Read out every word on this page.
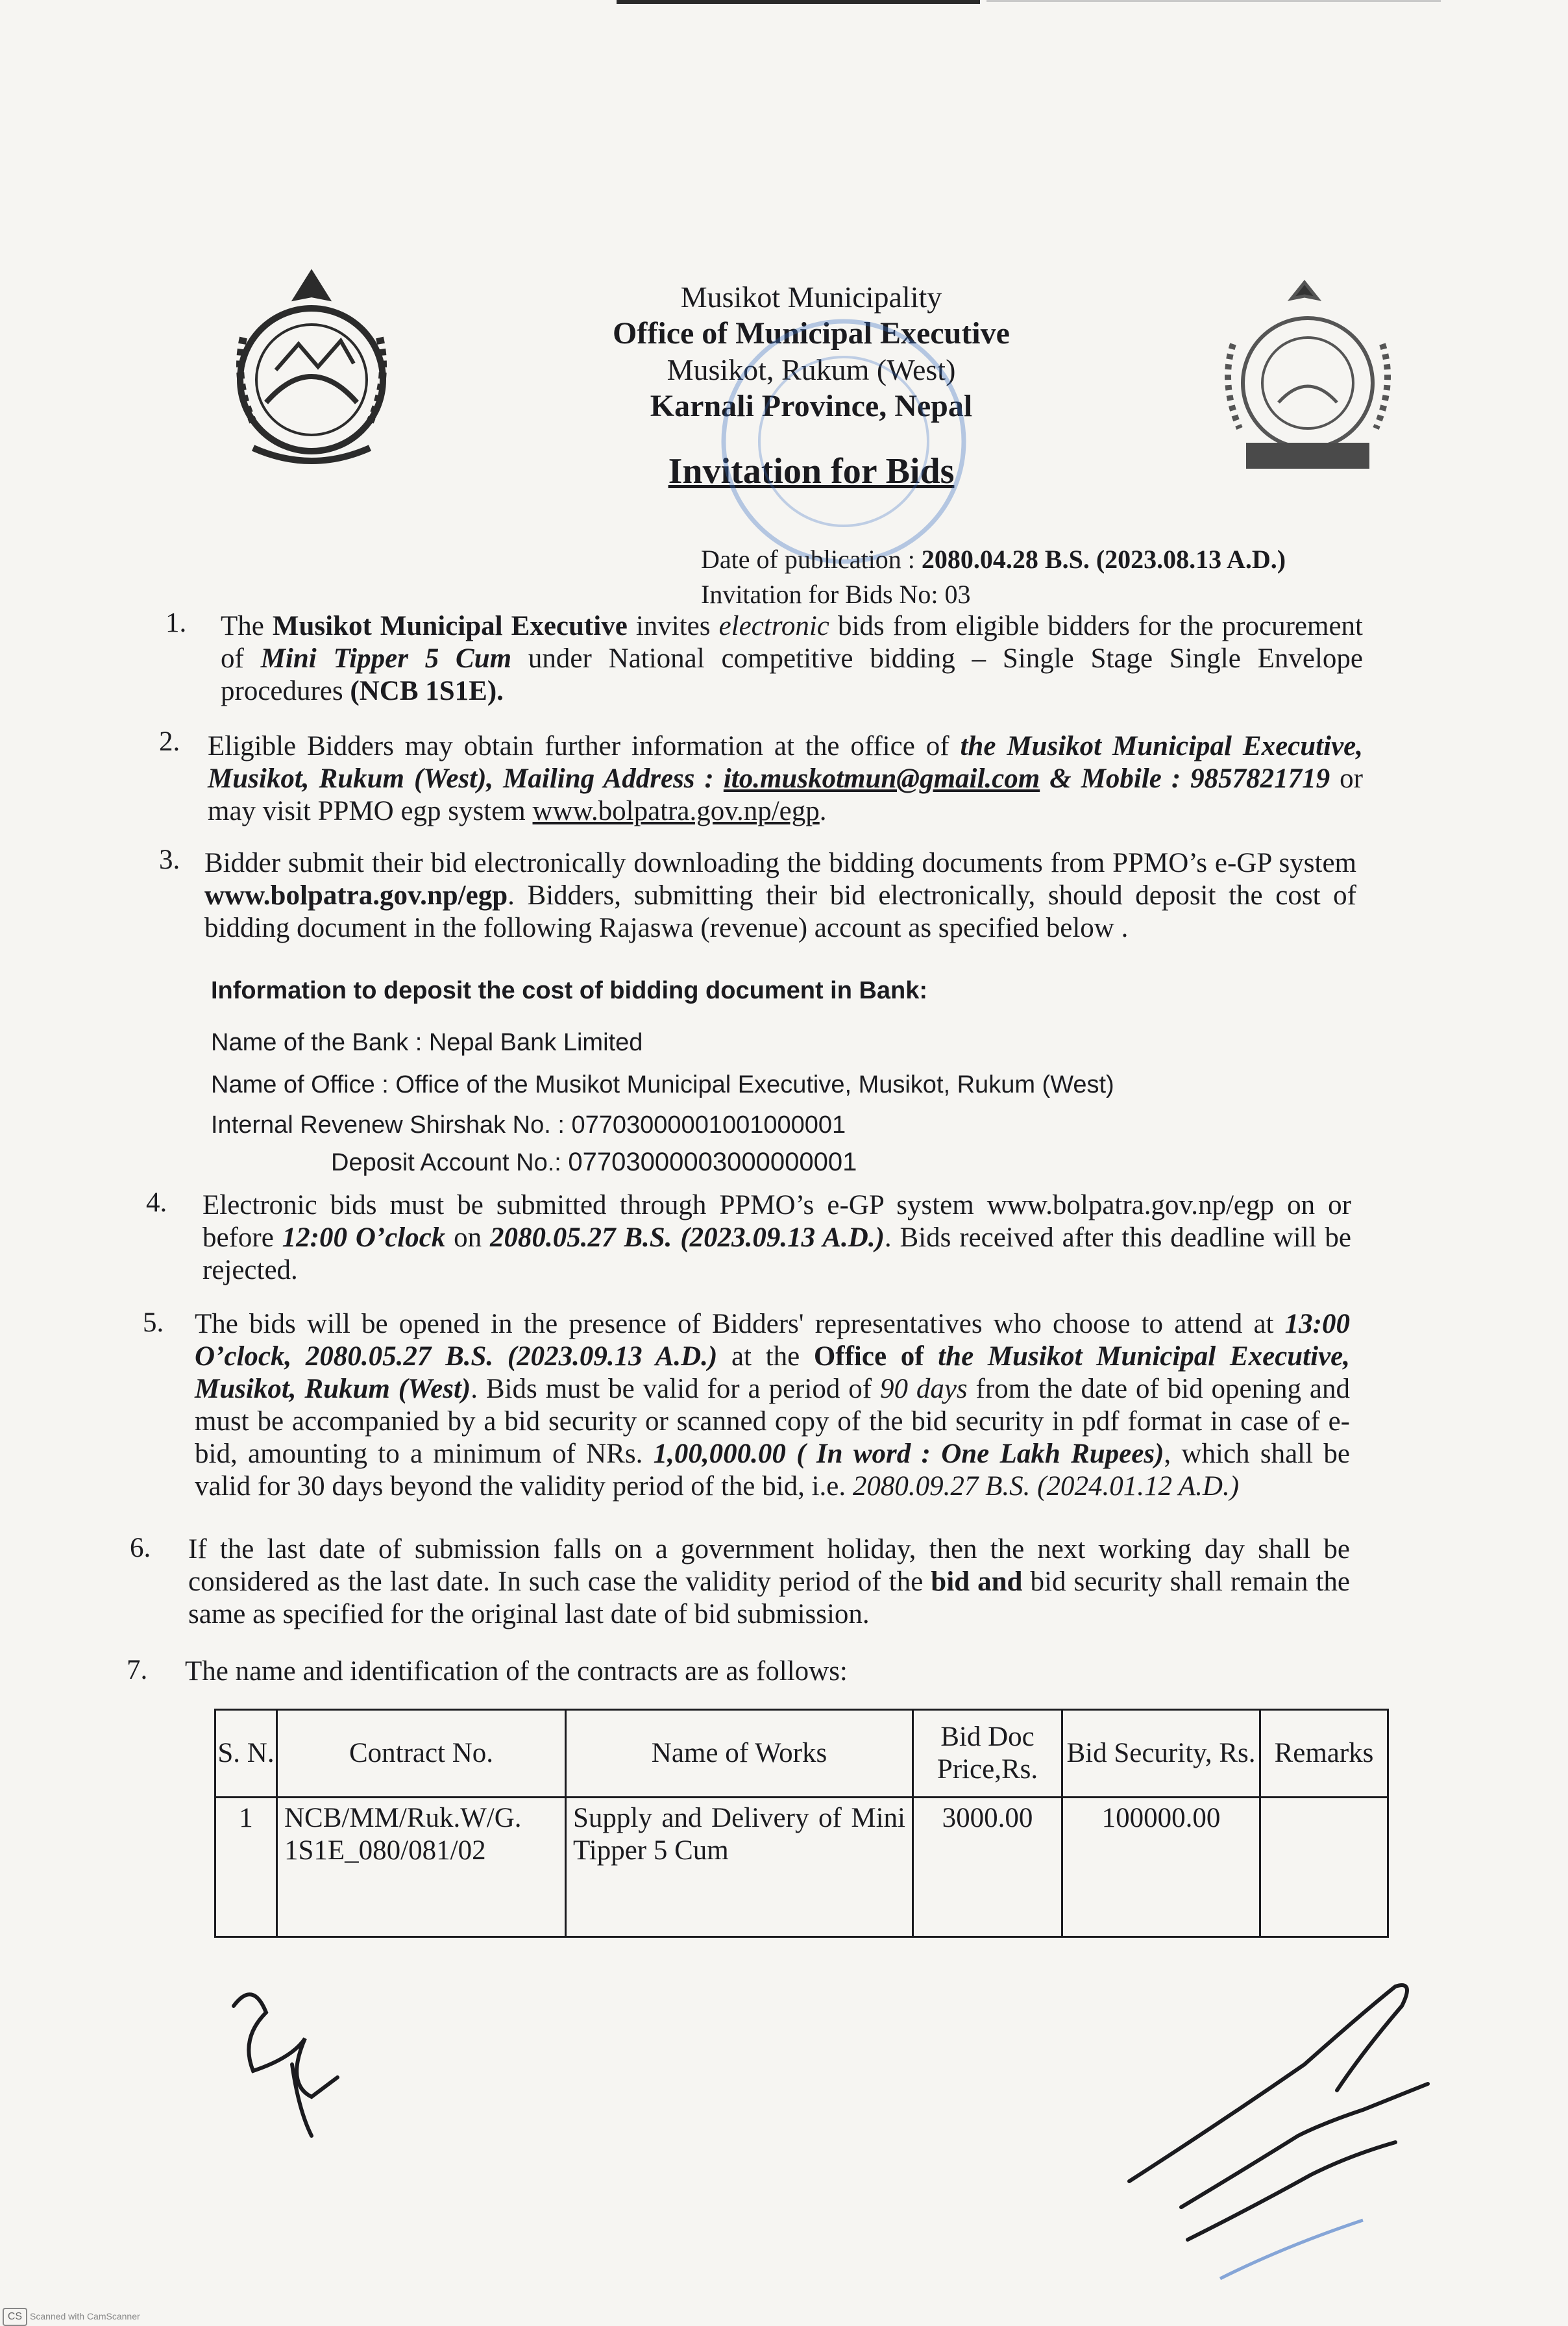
Musikot Municipality
Office of Municipal Executive
Musikot, Rukum (West)
Karnali Province, Nepal
Invitation for Bids
Date of publication : 2080.04.28 B.S. (2023.08.13 A.D.)
Invitation for Bids No: 03
1. The Musikot Municipal Executive invites electronic bids from eligible bidders for the procurement of Mini Tipper 5 Cum under National competitive bidding – Single Stage Single Envelope procedures (NCB 1S1E).
2. Eligible Bidders may obtain further information at the office of the Musikot Municipal Executive, Musikot, Rukum (West), Mailing Address : ito.muskotmun@gmail.com & Mobile : 9857821719 or may visit PPMO egp system www.bolpatra.gov.np/egp.
3. Bidder submit their bid electronically downloading the bidding documents from PPMO’s e-GP system www.bolpatra.gov.np/egp. Bidders, submitting their bid electronically, should deposit the cost of bidding document in the following Rajaswa (revenue) account as specified below .
Information to deposit the cost of bidding document in Bank:
Name of the Bank : Nepal Bank Limited
Name of Office : Office of the Musikot Municipal Executive, Musikot, Rukum (West)
Internal Revenew Shirshak No. : 07703000001001000001
Deposit Account No.: 07703000003000000001
4. Electronic bids must be submitted through PPMO’s e-GP system www.bolpatra.gov.np/egp on or before 12:00 O’clock on 2080.05.27 B.S. (2023.09.13 A.D.). Bids received after this deadline will be rejected.
5. The bids will be opened in the presence of Bidders' representatives who choose to attend at 13:00 O’clock, 2080.05.27 B.S. (2023.09.13 A.D.) at the Office of the Musikot Municipal Executive, Musikot, Rukum (West). Bids must be valid for a period of 90 days from the date of bid opening and must be accompanied by a bid security or scanned copy of the bid security in pdf format in case of e-bid, amounting to a minimum of NRs. 1,00,000.00 ( In word : One Lakh Rupees), which shall be valid for 30 days beyond the validity period of the bid, i.e. 2080.09.27 B.S. (2024.01.12 A.D.)
6. If the last date of submission falls on a government holiday, then the next working day shall be considered as the last date. In such case the validity period of the bid and bid security shall remain the same as specified for the original last date of bid submission.
7. The name and identification of the contracts are as follows:
S. N.	Contract No.	Name of Works	Bid Doc Price,Rs.	Bid Security, Rs.	Remarks
1	NCB/MM/Ruk.W/G. 1S1E_080/081/02	Supply and Delivery of Mini Tipper 5 Cum	3000.00	100000.00	
CS Scanned with CamScanner
